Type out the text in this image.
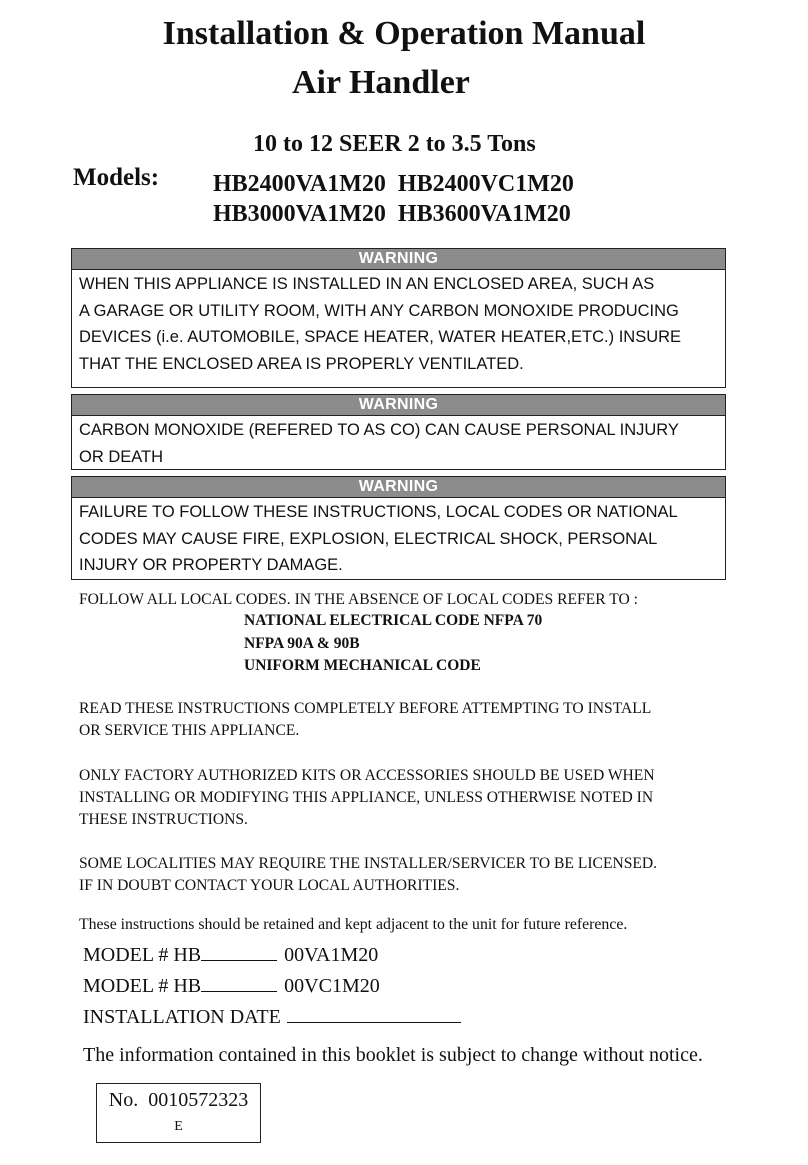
Installation & Operation Manual
Air Handler
10 to 12 SEER 2 to 3.5 Tons
Models: HB2400VA1M20  HB2400VC1M20
HB3000VA1M20  HB3600VA1M20
WARNING
WHEN THIS APPLIANCE IS INSTALLED IN AN ENCLOSED AREA, SUCH AS
A GARAGE OR UTILITY ROOM, WITH ANY CARBON MONOXIDE PRODUCING
DEVICES (i.e. AUTOMOBILE, SPACE HEATER, WATER HEATER,ETC.) INSURE
THAT THE ENCLOSED AREA IS PROPERLY VENTILATED.
WARNING
CARBON MONOXIDE (REFERED TO AS CO) CAN CAUSE PERSONAL INJURY
OR DEATH
WARNING
FAILURE TO FOLLOW THESE INSTRUCTIONS, LOCAL CODES OR NATIONAL
CODES MAY CAUSE FIRE, EXPLOSION, ELECTRICAL SHOCK, PERSONAL
INJURY OR PROPERTY DAMAGE.
FOLLOW ALL LOCAL CODES. IN THE ABSENCE OF LOCAL CODES REFER TO :
NATIONAL ELECTRICAL CODE NFPA 70
NFPA 90A & 90B
UNIFORM MECHANICAL CODE
READ THESE INSTRUCTIONS COMPLETELY BEFORE ATTEMPTING TO INSTALL
OR SERVICE THIS APPLIANCE.
ONLY FACTORY AUTHORIZED KITS OR ACCESSORIES SHOULD BE USED WHEN
INSTALLING OR MODIFYING THIS APPLIANCE, UNLESS OTHERWISE NOTED IN
THESE INSTRUCTIONS.
SOME LOCALITIES MAY REQUIRE THE INSTALLER/SERVICER TO BE LICENSED.
IF IN DOUBT CONTACT YOUR LOCAL AUTHORITIES.
These instructions should be retained and kept adjacent to the unit for future reference.
MODEL # HB	00VA1M20
MODEL # HB	00VC1M20
INSTALLATION DATE
The information contained in this booklet is subject to change without notice.
No.  0010572323
E
